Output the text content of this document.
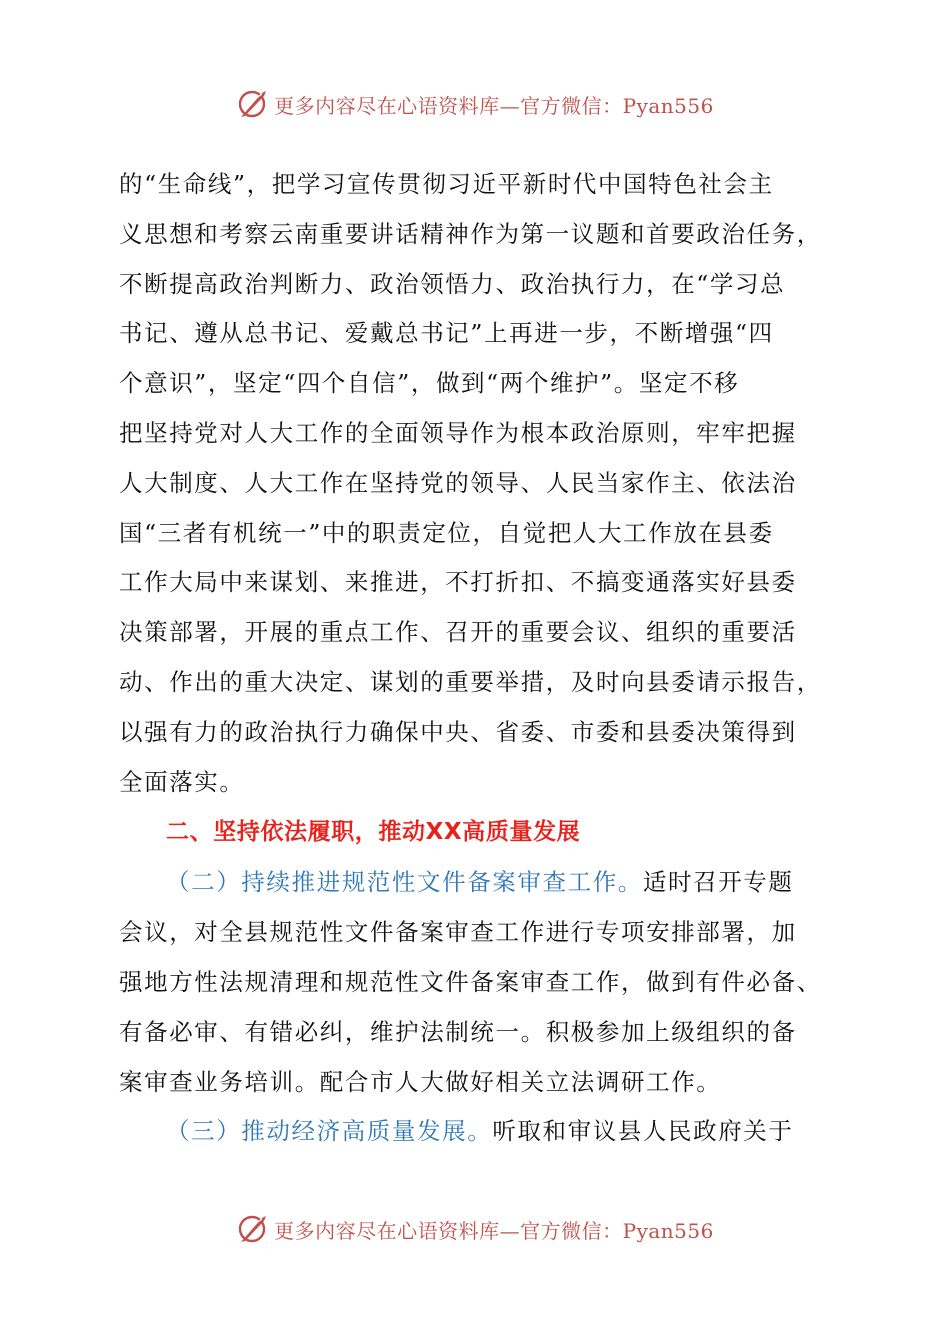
更多内容尽在心语资料库—官方微信：Pyan556

的“生命线”，把学习宣传贯彻习近平新时代中国特色社会主
义思想和考察云南重要讲话精神作为第一议题和首要政治任务，
不断提高政治判断力、政治领悟力、政治执行力，在“学习总
书记、遵从总书记、爱戴总书记”上再进一步，不断增强“四
个意识”，坚定“四个自信”，做到“两个维护”。坚定不移
把坚持党对人大工作的全面领导作为根本政治原则，牢牢把握
人大制度、人大工作在坚持党的领导、人民当家作主、依法治
国“三者有机统一”中的职责定位，自觉把人大工作放在县委
工作大局中来谋划、来推进，不打折扣、不搞变通落实好县委
决策部署，开展的重点工作、召开的重要会议、组织的重要活
动、作出的重大决定、谋划的重要举措，及时向县委请示报告，
以强有力的政治执行力确保中央、省委、市委和县委决策得到
全面落实。

二、坚持依法履职，推动XX高质量发展

（二）持续推进规范性文件备案审查工作。适时召开专题
会议，对全县规范性文件备案审查工作进行专项安排部署，加
强地方性法规清理和规范性文件备案审查工作，做到有件必备、
有备必审、有错必纠，维护法制统一。积极参加上级组织的备
案审查业务培训。配合市人大做好相关立法调研工作。

（三）推动经济高质量发展。听取和审议县人民政府关于

更多内容尽在心语资料库—官方微信：Pyan556
